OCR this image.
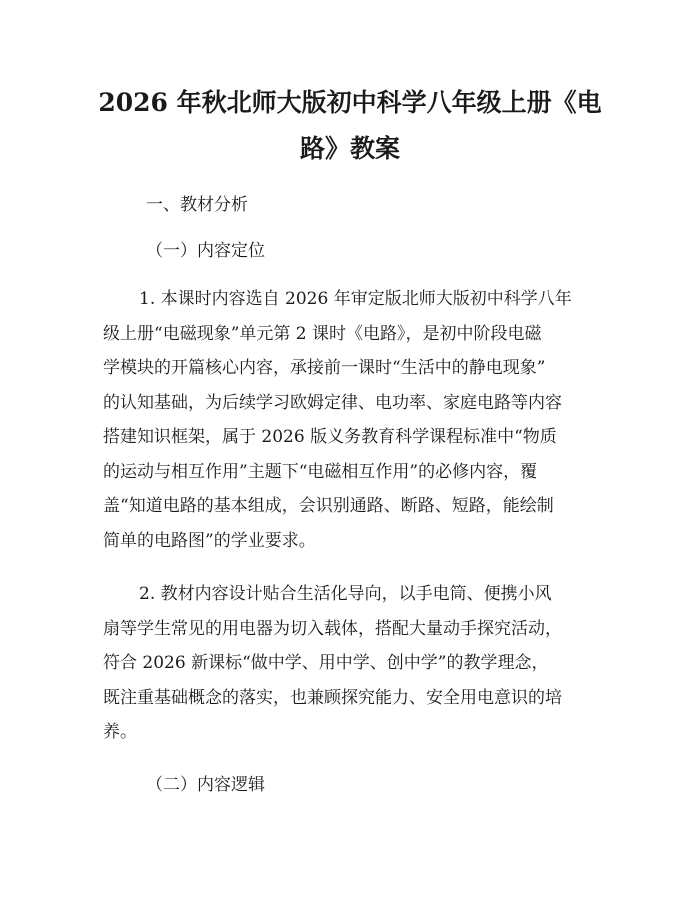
2026 年秋北师大版初中科学八年级上册《电
路》教案
一、教材分析
（一）内容定位
1. 本课时内容选自 2026 年审定版北师大版初中科学八年
级上册“电磁现象”单元第 2 课时《电路》，是初中阶段电磁
学模块的开篇核心内容，承接前一课时“生活中的静电现象”
的认知基础，为后续学习欧姆定律、电功率、家庭电路等内容
搭建知识框架，属于 2026 版义务教育科学课程标准中“物质
的运动与相互作用”主题下“电磁相互作用”的必修内容，覆
盖“知道电路的基本组成，会识别通路、断路、短路，能绘制
简单的电路图”的学业要求。
2. 教材内容设计贴合生活化导向，以手电筒、便携小风
扇等学生常见的用电器为切入载体，搭配大量动手探究活动，
符合 2026 新课标“做中学、用中学、创中学”的教学理念，
既注重基础概念的落实，也兼顾探究能力、安全用电意识的培
养。
（二）内容逻辑
